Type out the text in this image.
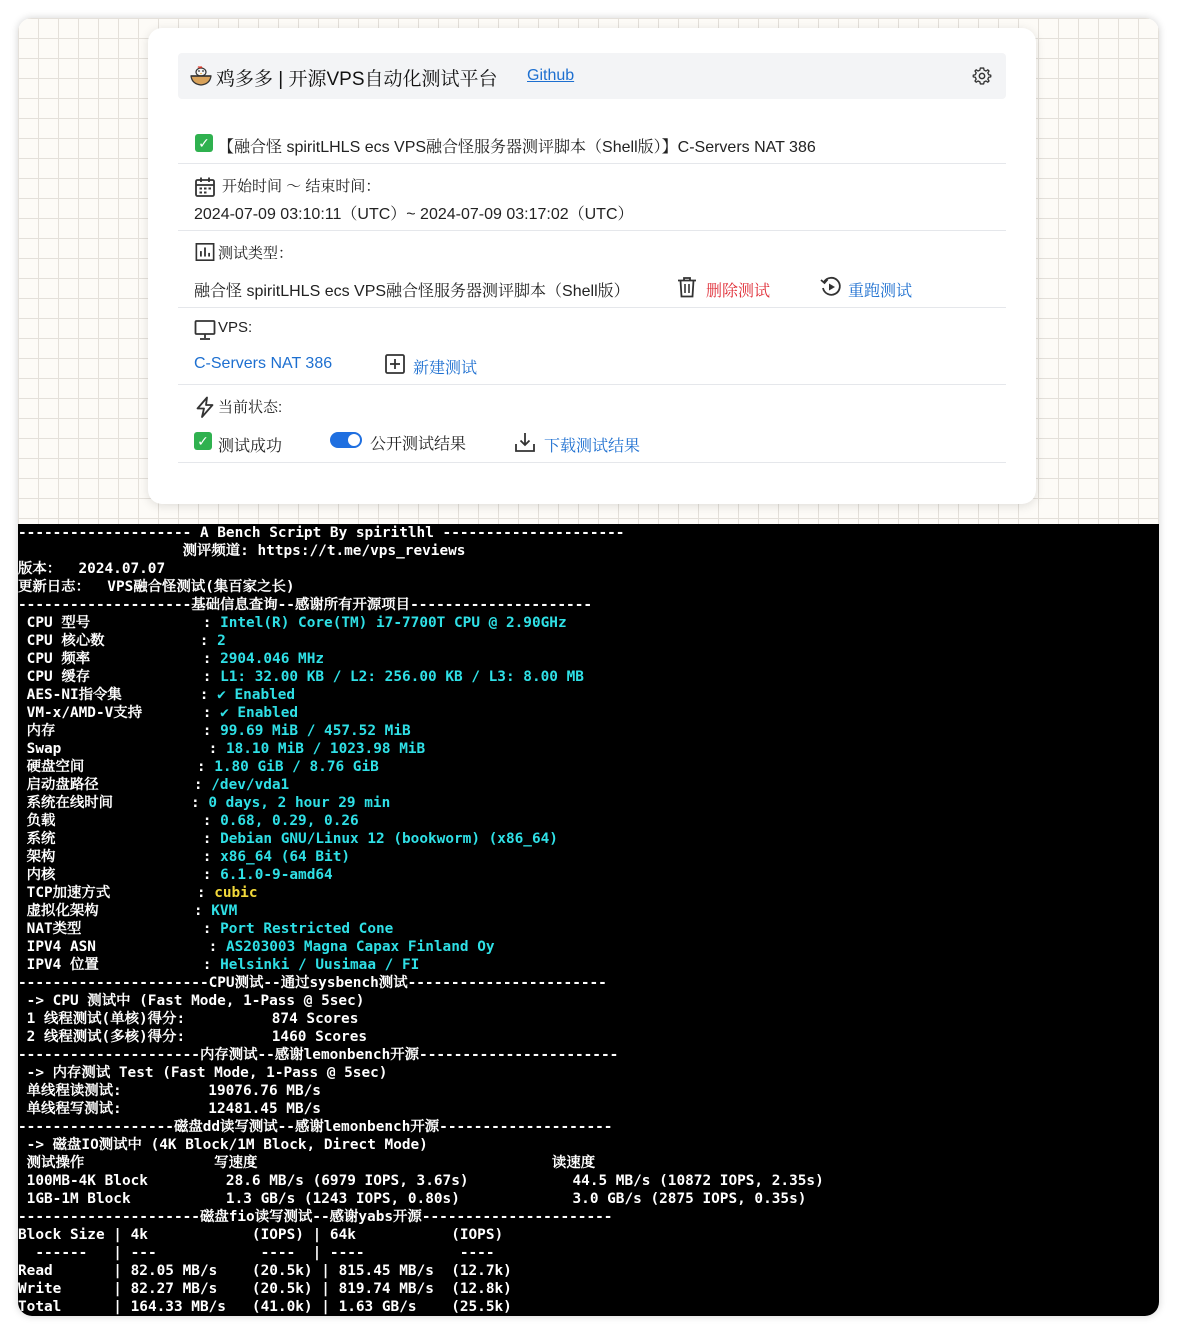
鸡多多 | 开源VPS自动化测试平台 Github
✓ 【融合怪 spiritLHLS ecs VPS融合怪服务器测评脚本（Shell版）】C-Servers NAT 386
开始时间 ～ 结束时间：
2024-07-09 03:10:11（UTC）~ 2024-07-09 03:17:02（UTC）
测试类型：
融合怪 spiritLHLS ecs VPS融合怪服务器测评脚本（Shell版）	删除测试	重跑测试
VPS:
C-Servers NAT 386	新建测试
当前状态:
✓ 测试成功	公开测试结果	下载测试结果
-------------------- A Bench Script By spiritlhl ---------------------
测评频道: https://t.me/vps_reviews
版本：  2024.07.07
更新日志：  VPS融合怪测试(集百家之长)
--------------------基础信息查询--感谢所有开源项目---------------------
CPU 型号             : Intel(R) Core(TM) i7-7700T CPU @ 2.90GHz
CPU 核心数           : 2
CPU 频率             : 2904.046 MHz
CPU 缓存             : L1: 32.00 KB / L2: 256.00 KB / L3: 8.00 MB
AES-NI指令集         : ✔ Enabled
VM-x/AMD-V支持       : ✔ Enabled
内存                 : 99.69 MiB / 457.52 MiB
Swap                 : 18.10 MiB / 1023.98 MiB
硬盘空间             : 1.80 GiB / 8.76 GiB
启动盘路径           : /dev/vda1
系统在线时间         : 0 days, 2 hour 29 min
负载                 : 0.68, 0.29, 0.26
系统                 : Debian GNU/Linux 12 (bookworm) (x86_64)
架构                 : x86_64 (64 Bit)
内核                 : 6.1.0-9-amd64
TCP加速方式          : cubic
虚拟化架构           : KVM
NAT类型              : Port Restricted Cone
IPV4 ASN             : AS203003 Magna Capax Finland Oy
IPV4 位置            : Helsinki / Uusimaa / FI
----------------------CPU测试--通过sysbench测试-----------------------
-> CPU 测试中 (Fast Mode, 1-Pass @ 5sec)
1 线程测试(单核)得分:          874 Scores
2 线程测试(多核)得分:          1460 Scores
---------------------内存测试--感谢lemonbench开源-----------------------
-> 内存测试 Test (Fast Mode, 1-Pass @ 5sec)
单线程读测试:          19076.76 MB/s
单线程写测试:          12481.45 MB/s
------------------磁盘dd读写测试--感谢lemonbench开源--------------------
-> 磁盘IO测试中 (4K Block/1M Block, Direct Mode)
测试操作               写速度                                  读速度
100MB-4K Block         28.6 MB/s (6979 IOPS, 3.67s)            44.5 MB/s (10872 IOPS, 2.35s)
1GB-1M Block           1.3 GB/s (1243 IOPS, 0.80s)             3.0 GB/s (2875 IOPS, 0.35s)
---------------------磁盘fio读写测试--感谢yabs开源----------------------
Block Size | 4k            (IOPS) | 64k           (IOPS)
------   | ---            ----  | ----           ----
Read       | 82.05 MB/s    (20.5k) | 815.45 MB/s  (12.7k)
Write      | 82.27 MB/s    (20.5k) | 819.74 MB/s  (12.8k)
Total      | 164.33 MB/s   (41.0k) | 1.63 GB/s    (25.5k)
